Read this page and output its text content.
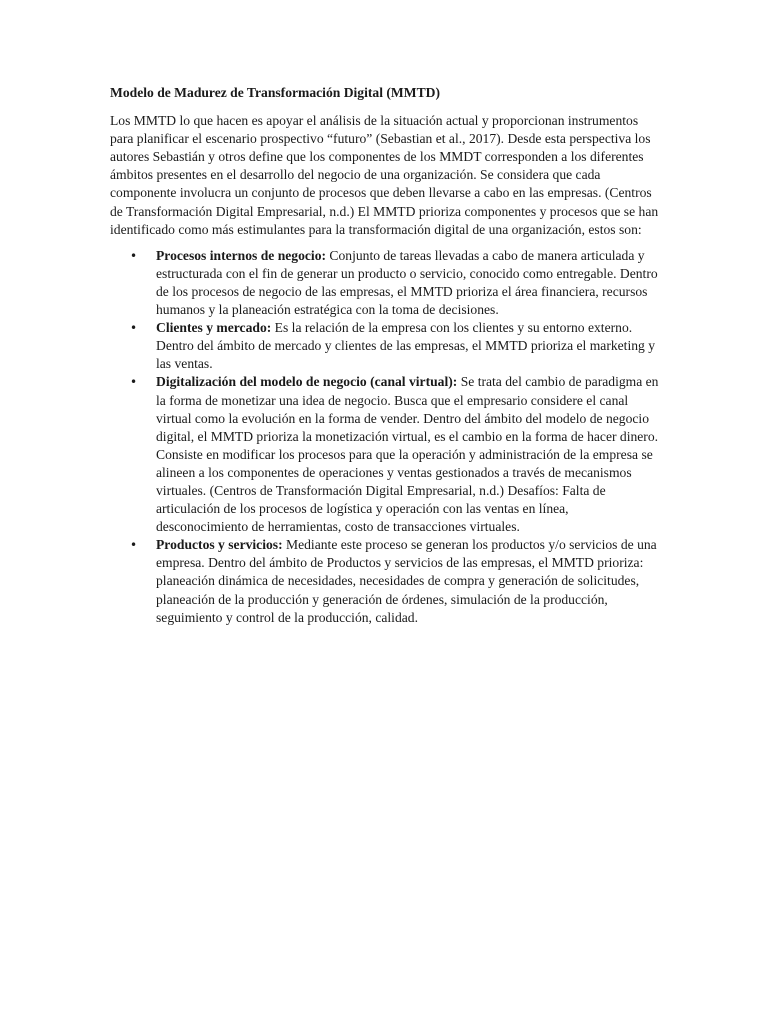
Modelo de Madurez de Transformación Digital (MMTD)

Los MMTD lo que hacen es apoyar el análisis de la situación actual y proporcionan instrumentos para planificar el escenario prospectivo “futuro” (Sebastian et al., 2017). Desde esta perspectiva los autores Sebastián y otros define que los componentes de los MMDT corresponden a los diferentes ámbitos presentes en el desarrollo del negocio de una organización. Se considera que cada componente involucra un conjunto de procesos que deben llevarse a cabo en las empresas. (Centros de Transformación Digital Empresarial, n.d.) El MMTD prioriza componentes y procesos que se han identificado como más estimulantes para la transformación digital de una organización, estos son:

• Procesos internos de negocio: Conjunto de tareas llevadas a cabo de manera articulada y estructurada con el fin de generar un producto o servicio, conocido como entregable. Dentro de los procesos de negocio de las empresas, el MMTD prioriza el área financiera, recursos humanos y la planeación estratégica con la toma de decisiones.
• Clientes y mercado: Es la relación de la empresa con los clientes y su entorno externo. Dentro del ámbito de mercado y clientes de las empresas, el MMTD prioriza el marketing y las ventas.
• Digitalización del modelo de negocio (canal virtual): Se trata del cambio de paradigma en la forma de monetizar una idea de negocio. Busca que el empresario considere el canal virtual como la evolución en la forma de vender. Dentro del ámbito del modelo de negocio digital, el MMTD prioriza la monetización virtual, es el cambio en la forma de hacer dinero. Consiste en modificar los procesos para que la operación y administración de la empresa se alineen a los componentes de operaciones y ventas gestionados a través de mecanismos virtuales. (Centros de Transformación Digital Empresarial, n.d.) Desafíos: Falta de articulación de los procesos de logística y operación con las ventas en línea, desconocimiento de herramientas, costo de transacciones virtuales.
• Productos y servicios: Mediante este proceso se generan los productos y/o servicios de una empresa. Dentro del ámbito de Productos y servicios de las empresas, el MMTD prioriza: planeación dinámica de necesidades, necesidades de compra y generación de solicitudes, planeación de la producción y generación de órdenes, simulación de la producción, seguimiento y control de la producción, calidad.
